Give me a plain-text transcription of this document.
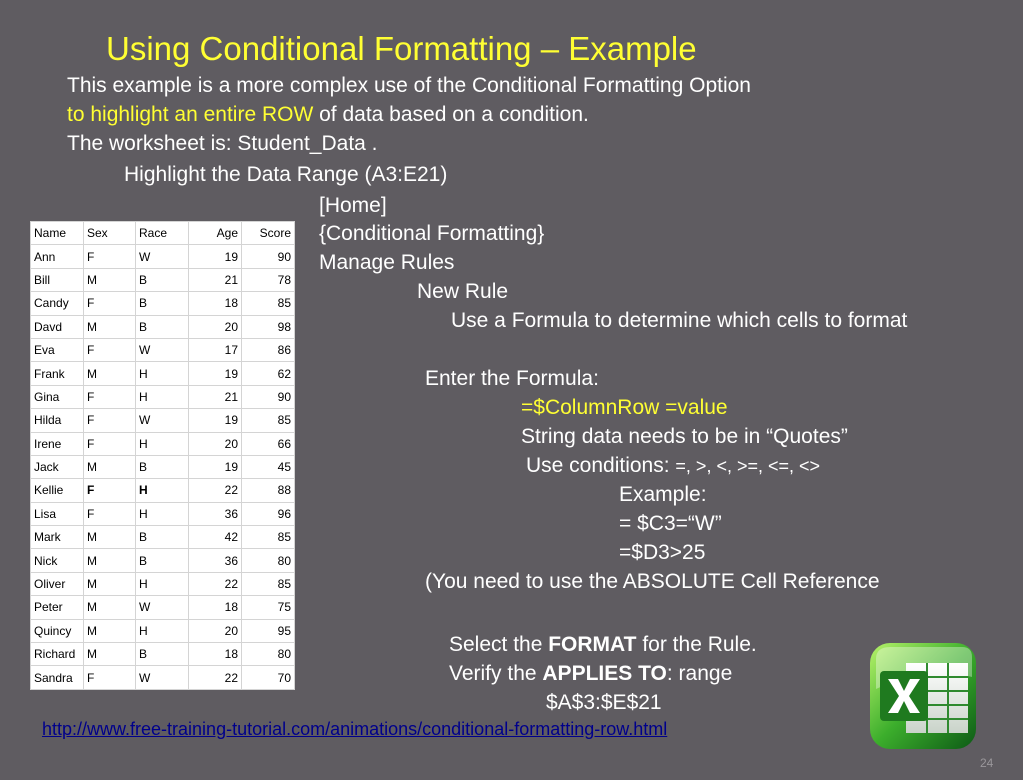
Using Conditional Formatting – Example
This example is a more complex use of the Conditional Formatting Option
to highlight an entire ROW of data based on a condition.
The worksheet is: Student_Data .
Highlight the Data Range (A3:E21)
[Home]
{Conditional Formatting}
Manage Rules
New Rule
Use a Formula to determine which cells to format
Enter the Formula:
=$ColumnRow =value
String data needs to be in “Quotes”
Use conditions: =, >, <, >=, <=, <>
Example:
= $C3=“W”
=$D3>25
(You need to use the ABSOLUTE Cell Reference
Select the FORMAT for the Rule.
Verify the APPLIES TO: range
$A$3:$E$21
Name	Sex	Race	Age	Score
Ann	F	W	19	90
Bill	M	B	21	78
Candy	F	B	18	85
Davd	M	B	20	98
Eva	F	W	17	86
Frank	M	H	19	62
Gina	F	H	21	90
Hilda	F	W	19	85
Irene	F	H	20	66
Jack	M	B	19	45
Kellie	F	H	22	88
Lisa	F	H	36	96
Mark	M	B	42	85
Nick	M	B	36	80
Oliver	M	H	22	85
Peter	M	W	18	75
Quincy	M	H	20	95
Richard	M	B	18	80
Sandra	F	W	22	70
http://www.free-training-tutorial.com/animations/conditional-formatting-row.html
24
